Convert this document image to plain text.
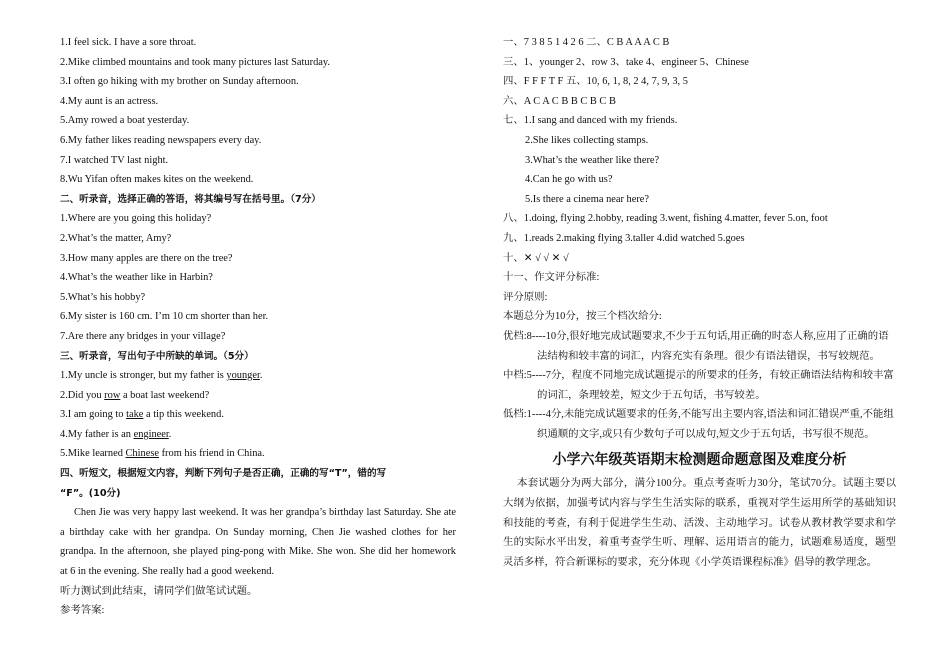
1.I feel sick. I have a sore throat.
2.Mike climbed mountains and took many pictures last Saturday.
3.I often go hiking with my brother on Sunday afternoon.
4.My aunt is an actress.
5.Amy rowed a boat yesterday.
6.My father likes reading newspapers every day.
7.I watched TV last night.
8.Wu Yifan often makes kites on the weekend.
二、听录音，选择正确的答语，将其编号写在括号里。（7分）
1.Where are you going this holiday?
2.What’s the matter, Amy?
3.How many apples are there on the tree?
4.What’s the weather like in Harbin?
5.What’s his hobby?
6.My sister is 160 cm. I’m 10 cm shorter than her.
7.Are there any bridges in your village?
三、听录音，写出句子中所缺的单词。（5分）
1.My uncle is stronger, but my father is younger.
2.Did you row a boat last weekend?
3.I am going to take a tip this weekend.
4.My father is an engineer.
5.Mike learned Chinese from his friend in China.
四、听短文，根据短文内容，判断下列句子是否正确，正确的写“T”，错的写
“F”。(10分)
Chen Jie was very happy last weekend. It was her grandpa’s birthday last Saturday. She ate a birthday cake with her grandpa. On Sunday morning, Chen Jie washed clothes for her grandpa. In the afternoon, she played ping-pong with Mike. She won. She did her homework at 6 in the evening. She really had a good weekend.
听力测试到此结束，请同学们做笔试试题。
参考答案:
一、7 3 8 5 1 4 2 6 二、C B A A A C B
三、1、younger 2、row 3、take 4、engineer 5、Chinese
四、F F F T F 五、10, 6, 1, 8, 2 4, 7, 9, 3, 5
六、A C A C B B C B C B
七、1.I sang and danced with my friends.
2.She likes collecting stamps.
3.What’s the weather like there?
4.Can he go with us?
5.Is there a cinema near here?
八、1.doing, flying 2.hobby, reading 3.went, fishing 4.matter, fever 5.on, foot
九、1.reads 2.making flying 3.taller 4.did watched 5.goes
十、✕ √ √ ✕ √
十一、作文评分标准:
评分原则:
本题总分为10分，按三个档次给分:
优档:8----10分,很好地完成试题要求,不少于五句话,用正确的时态人称,应用了正确的语法结构和较丰富的词汇，内容充实有条理。很少有语法错误，书写较规范。
中档:5----7分，程度不同地完成试题提示的所要求的任务，有较正确语法结构和较丰富的词汇，条理较差，短文少于五句话，书写较差。
低档:1----4分,未能完成试题要求的任务,不能写出主要内容,语法和词汇错误严重,不能组织通顺的文字,或只有少数句子可以成句,短文少于五句话，书写很不规范。
小学六年级英语期末检测题命题意图及难度分析
本套试题分为两大部分，满分100分。重点考查听力30分，笔试70分。试题主要以大纲为依据，加强考试内容与学生生活实际的联系，重视对学生运用所学的基础知识和技能的考查，有利于促进学生生动、活泼、主动地学习。试卷从教材教学要求和学生的实际水平出发，着重考查学生听、理解、运用语言的能力，试题难易适度，题型灵活多样，符合新课标的要求，充分体现《小学英语课程标准》倡导的教学理念。
